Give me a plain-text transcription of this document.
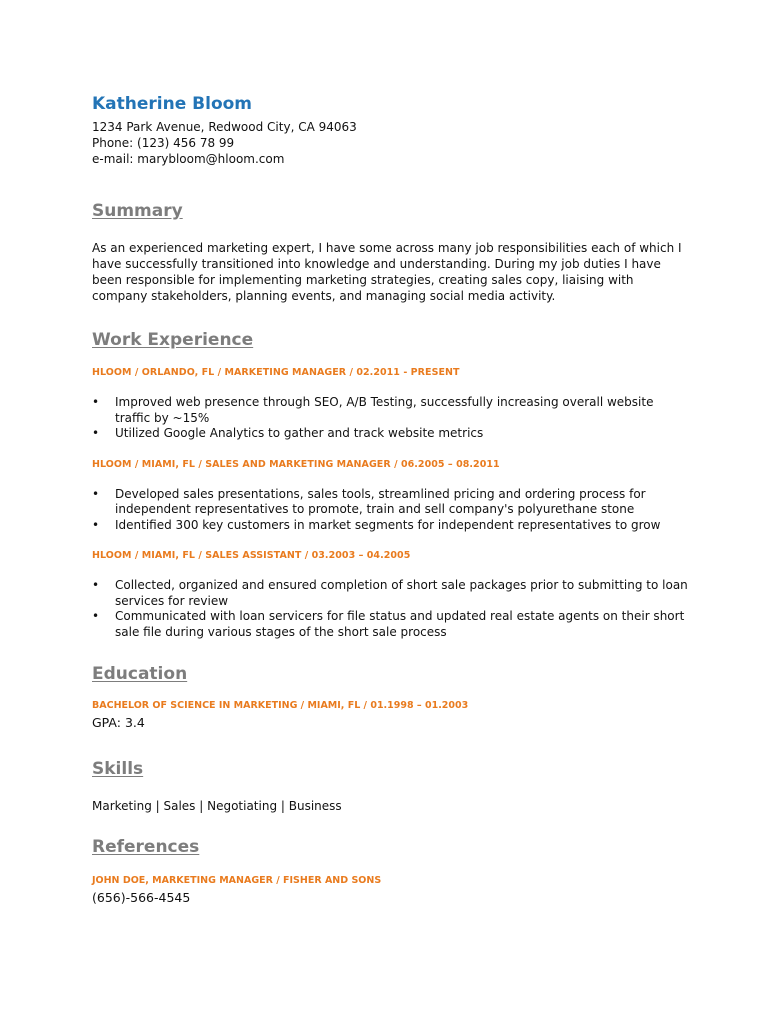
Katherine Bloom
1234 Park Avenue, Redwood City, CA 94063
Phone: (123) 456 78 99
e-mail: marybloom@hloom.com
Summary

As an experienced marketing expert, I have some across many job responsibilities each of which I have successfully transitioned into knowledge and understanding. During my job duties I have been responsible for implementing marketing strategies, creating sales copy, liaising with company stakeholders, planning events, and managing social media activity.

Work Experience
HLOOM / ORLANDO, FL / MARKETING MANAGER / 02.2011 - PRESENT
• Improved web presence through SEO, A/B Testing, successfully increasing overall website traffic by ~15%
• Utilized Google Analytics to gather and track website metrics
HLOOM / MIAMI, FL / SALES AND MARKETING MANAGER / 06.2005 – 08.2011
• Developed sales presentations, sales tools, streamlined pricing and ordering process for independent representatives to promote, train and sell company's polyurethane stone
• Identified 300 key customers in market segments for independent representatives to grow
HLOOM / MIAMI, FL / SALES ASSISTANT / 03.2003 – 04.2005
• Collected, organized and ensured completion of short sale packages prior to submitting to loan services for review
• Communicated with loan servicers for file status and updated real estate agents on their short sale file during various stages of the short sale process
Education
BACHELOR OF SCIENCE IN MARKETING / MIAMI, FL / 01.1998 – 01.2003
GPA: 3.4
Skills
Marketing | Sales | Negotiating | Business
References
JOHN DOE, MARKETING MANAGER / FISHER AND SONS
(656)-566-4545
